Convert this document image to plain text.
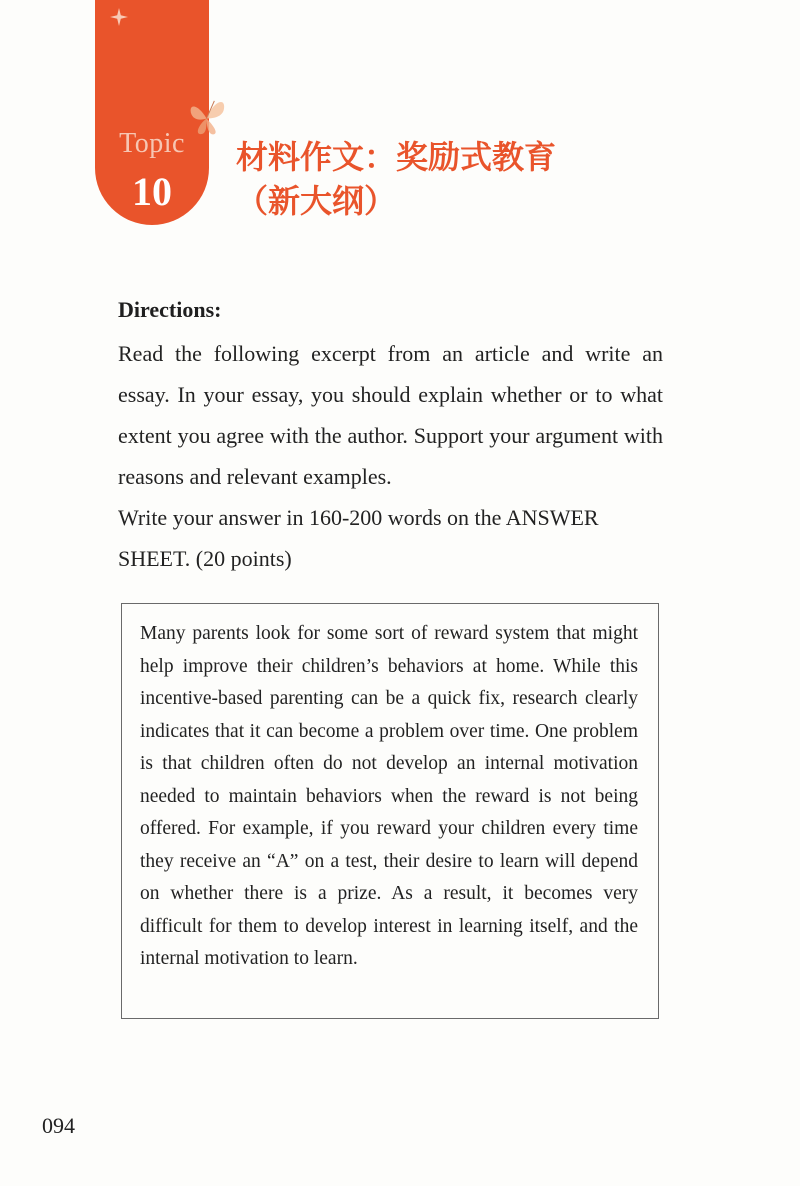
Topic
10
材料作文：奖励式教育
（新大纲）
Directions:

Read the following excerpt from an article and write an essay. In your essay, you should explain whether or to what extent you agree with the author. Support your argument with reasons and relevant examples.

Write your answer in 160-200 words on the ANSWER SHEET. (20 points)

Many parents look for some sort of reward system that might help improve their children’s behaviors at home. While this incentive-based parenting can be a quick fix, research clearly indicates that it can become a problem over time. One problem is that children often do not develop an internal motivation needed to maintain behaviors when the reward is not being offered. For example, if you reward your children every time they receive an “A” on a test, their desire to learn will depend on whether there is a prize. As a result, it becomes very difficult for them to develop interest in learning itself, and the internal motivation to learn.

094
